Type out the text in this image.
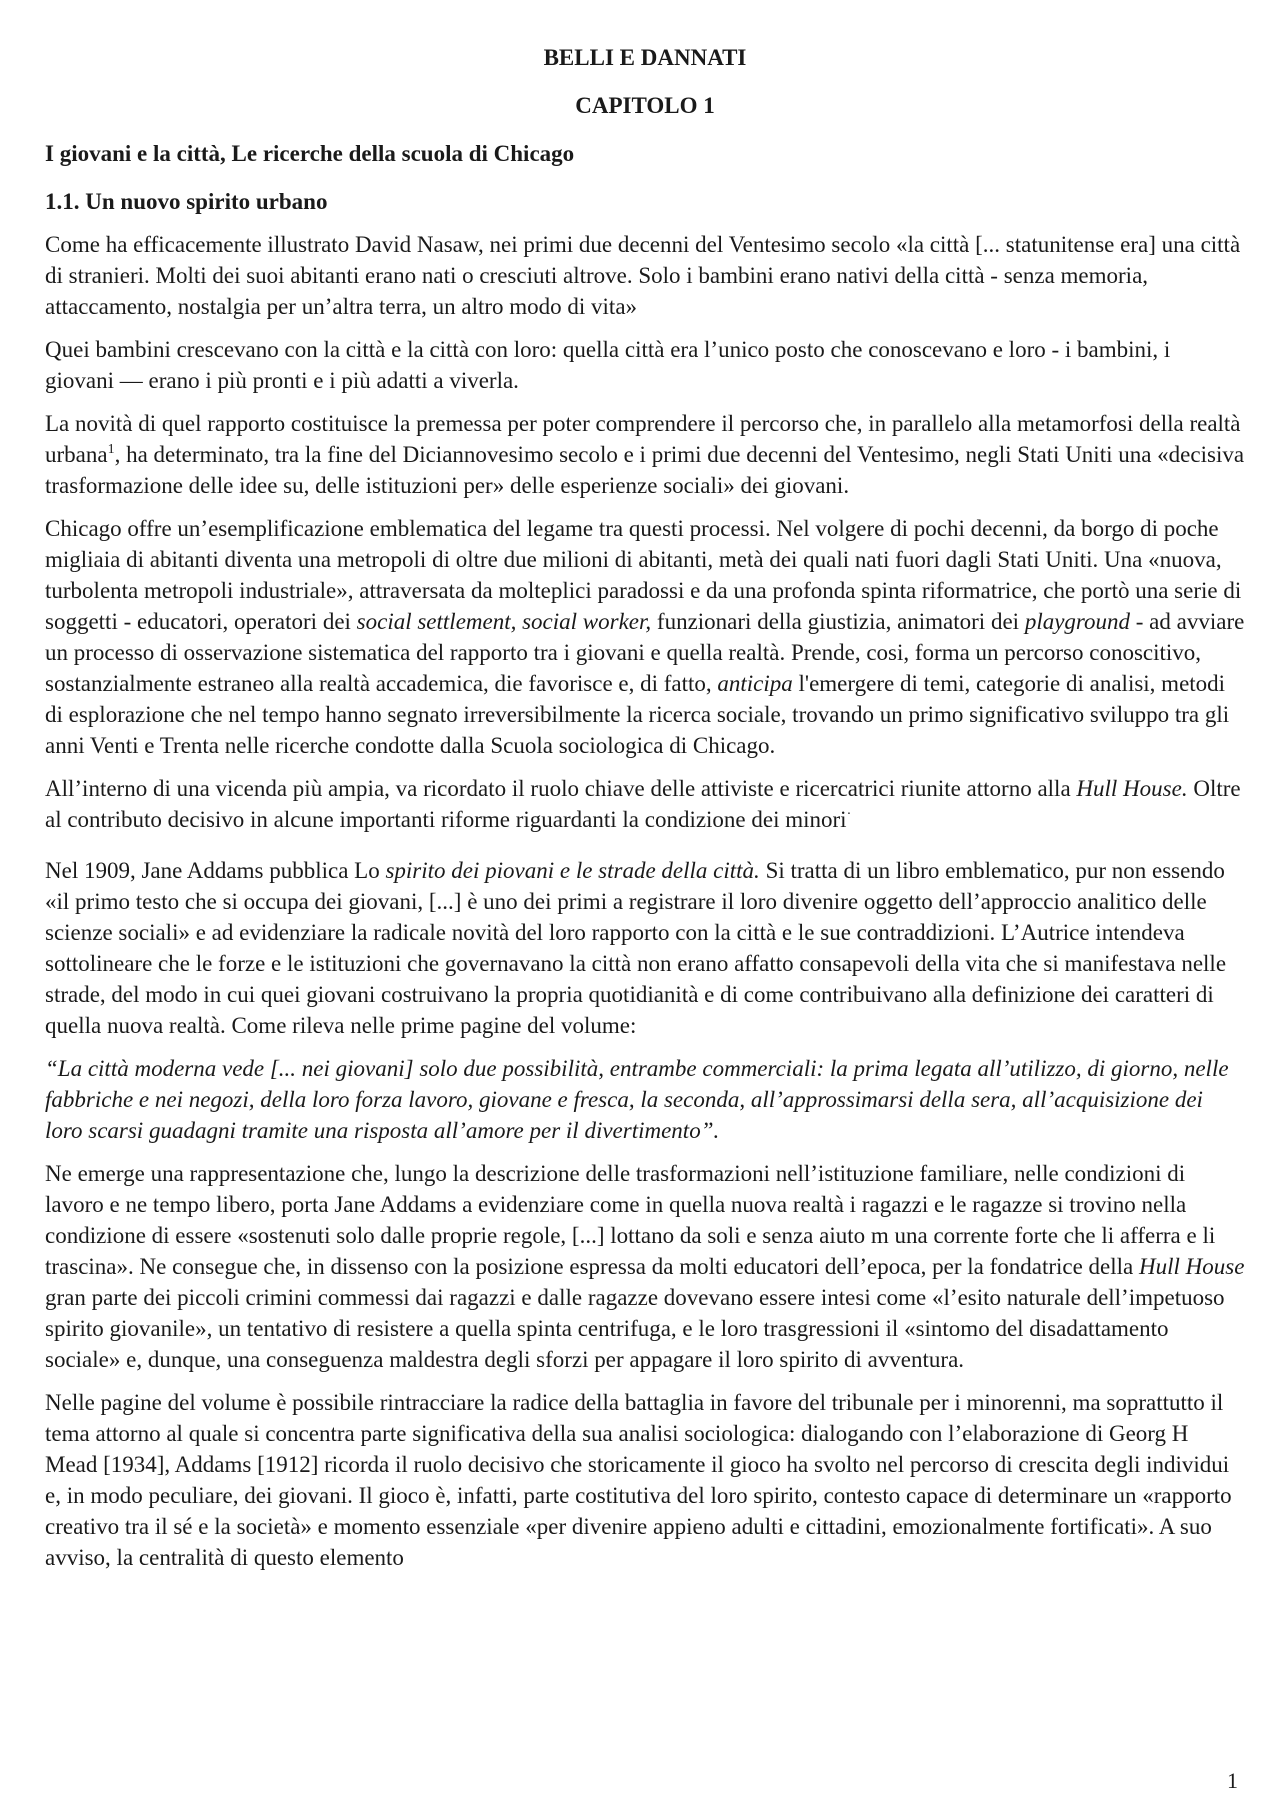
BELLI E DANNATI
CAPITOLO 1
I giovani e la città, Le ricerche della scuola di Chicago
1.1. Un nuovo spirito urbano

Come ha efficacemente illustrato David Nasaw, nei primi due decenni del Ventesimo secolo «la città [... statunitense era] una città di stranieri. Molti dei suoi abitanti erano nati o cresciuti altrove. Solo i bambini erano nativi della città - senza memoria, attaccamento, nostalgia per un’altra terra, un altro modo di vita»

Quei bambini crescevano con la città e la città con loro: quella città era l’unico posto che conoscevano e loro - i bambini, i giovani — erano i più pronti e i più adatti a viverla.

La novità di quel rapporto costituisce la premessa per poter comprendere il percorso che, in parallelo alla metamorfosi della realtà urbana$^1$, ha determinato, tra la fine del Diciannovesimo secolo e i primi due decenni del Ventesimo, negli Stati Uniti una «decisiva trasformazione delle idee su, delle istituzioni per» delle esperienze sociali» dei giovani.

Chicago offre un’esemplificazione emblematica del legame tra questi processi. Nel volgere di pochi decenni, da borgo di poche migliaia di abitanti diventa una metropoli di oltre due milioni di abitanti, metà dei quali nati fuori dagli Stati Uniti. Una «nuova, turbolenta metropoli industriale», attraversata da molteplici paradossi e da una profonda spinta riformatrice, che portò una serie di soggetti - educatori, operatori dei social settlement, social worker, funzionari della giustizia, animatori dei playground - ad avviare un processo di osservazione sistematica del rapporto tra i giovani e quella realtà. Prende, cosi, forma un percorso conoscitivo, sostanzialmente estraneo alla realtà accademica, die favorisce e, di fatto, anticipa l'emergere di temi, categorie di analisi, metodi di esplorazione che nel tempo hanno segnato irreversibilmente la ricerca sociale, trovando un primo significativo sviluppo tra gli anni Venti e Trenta nelle ricerche condotte dalla Scuola sociologica di Chicago.

All’interno di una vicenda più ampia, va ricordato il ruolo chiave delle attiviste e ricercatrici riunite attorno alla Hull House. Oltre al contributo decisivo in alcune importanti riforme riguardanti la condizione dei minori·

Nel 1909, Jane Addams pubblica Lo spirito dei piovani e le strade della città. Si tratta di un libro emblematico, pur non essendo «il primo testo che si occupa dei giovani, [...] è uno dei primi a registrare il loro divenire oggetto dell’approccio analitico delle scienze sociali» e ad evidenziare la radicale novità del loro rapporto con la città e le sue contraddizioni. L’Autrice intendeva sottolineare che le forze e le istituzioni che governavano la città non erano affatto consapevoli della vita che si manifestava nelle strade, del modo in cui quei giovani costruivano la propria quotidianità e di come contribuivano alla definizione dei caratteri di quella nuova realtà. Come rileva nelle prime pagine del volume:

“La città moderna vede [... nei giovani] solo due possibilità, entrambe commerciali: la prima legata all’utilizzo, di giorno, nelle fabbriche e nei negozi, della loro forza lavoro, giovane e fresca, la seconda, all’approssimarsi della sera, all’acquisizione dei loro scarsi guadagni tramite una risposta all’amore per il divertimento”.

Ne emerge una rappresentazione che, lungo la descrizione delle trasformazioni nell’istituzione familiare, nelle condizioni di lavoro e ne tempo libero, porta Jane Addams a evidenziare come in quella nuova realtà i ragazzi e le ragazze si trovino nella condizione di essere «sostenuti solo dalle proprie regole, [...] lottano da soli e senza aiuto m una corrente forte che li afferra e li trascina». Ne consegue che, in dissenso con la posizione espressa da molti educatori dell’epoca, per la fondatrice della Hull House gran parte dei piccoli crimini commessi dai ragazzi e dalle ragazze dovevano essere intesi come «l’esito naturale dell’impetuoso spirito giovanile», un tentativo di resistere a quella spinta centrifuga, e le loro trasgressioni il «sintomo del disadattamento sociale» e, dunque, una conseguenza maldestra degli sforzi per appagare il loro spirito di avventura.

Nelle pagine del volume è possibile rintracciare la radice della battaglia in favore del tribunale per i minorenni, ma soprattutto il tema attorno al quale si concentra parte significativa della sua analisi sociologica: dialogando con l’elaborazione di Georg H Mead [1934], Addams [1912] ricorda il ruolo decisivo che storicamente il gioco ha svolto nel percorso di crescita degli individui e, in modo peculiare, dei giovani. Il gioco è, infatti, parte costitutiva del loro spirito, contesto capace di determinare un «rapporto creativo tra il sé e la società» e momento essenziale «per divenire appieno adulti e cittadini, emozionalmente fortificati». A suo avviso, la centralità di questo elemento

1
